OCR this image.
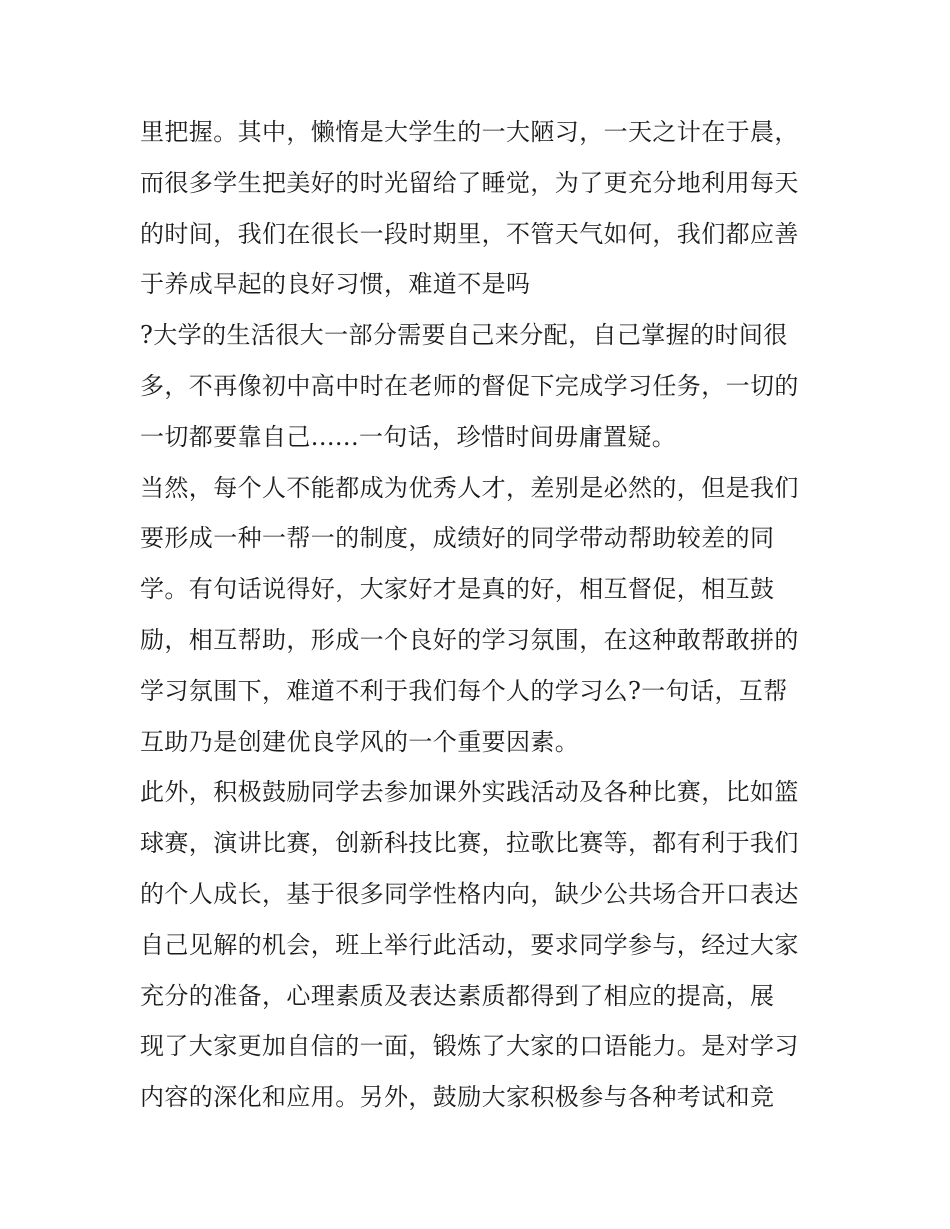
里把握。其中，懒惰是大学生的一大陋习，一天之计在于晨，
而很多学生把美好的时光留给了睡觉，为了更充分地利用每天
的时间，我们在很长一段时期里，不管天气如何，我们都应善
于养成早起的良好习惯，难道不是吗
?大学的生活很大一部分需要自己来分配，自己掌握的时间很
多，不再像初中高中时在老师的督促下完成学习任务，一切的
一切都要靠自己......一句话，珍惜时间毋庸置疑。
当然，每个人不能都成为优秀人才，差别是必然的，但是我们
要形成一种一帮一的制度，成绩好的同学带动帮助较差的同
学。有句话说得好，大家好才是真的好，相互督促，相互鼓
励，相互帮助，形成一个良好的学习氛围，在这种敢帮敢拼的
学习氛围下，难道不利于我们每个人的学习么?一句话，互帮
互助乃是创建优良学风的一个重要因素。
此外，积极鼓励同学去参加课外实践活动及各种比赛，比如篮
球赛，演讲比赛，创新科技比赛，拉歌比赛等，都有利于我们
的个人成长，基于很多同学性格内向，缺少公共场合开口表达
自己见解的机会，班上举行此活动，要求同学参与，经过大家
充分的准备，心理素质及表达素质都得到了相应的提高，展
现了大家更加自信的一面，锻炼了大家的口语能力。是对学习
内容的深化和应用。另外，鼓励大家积极参与各种考试和竞
